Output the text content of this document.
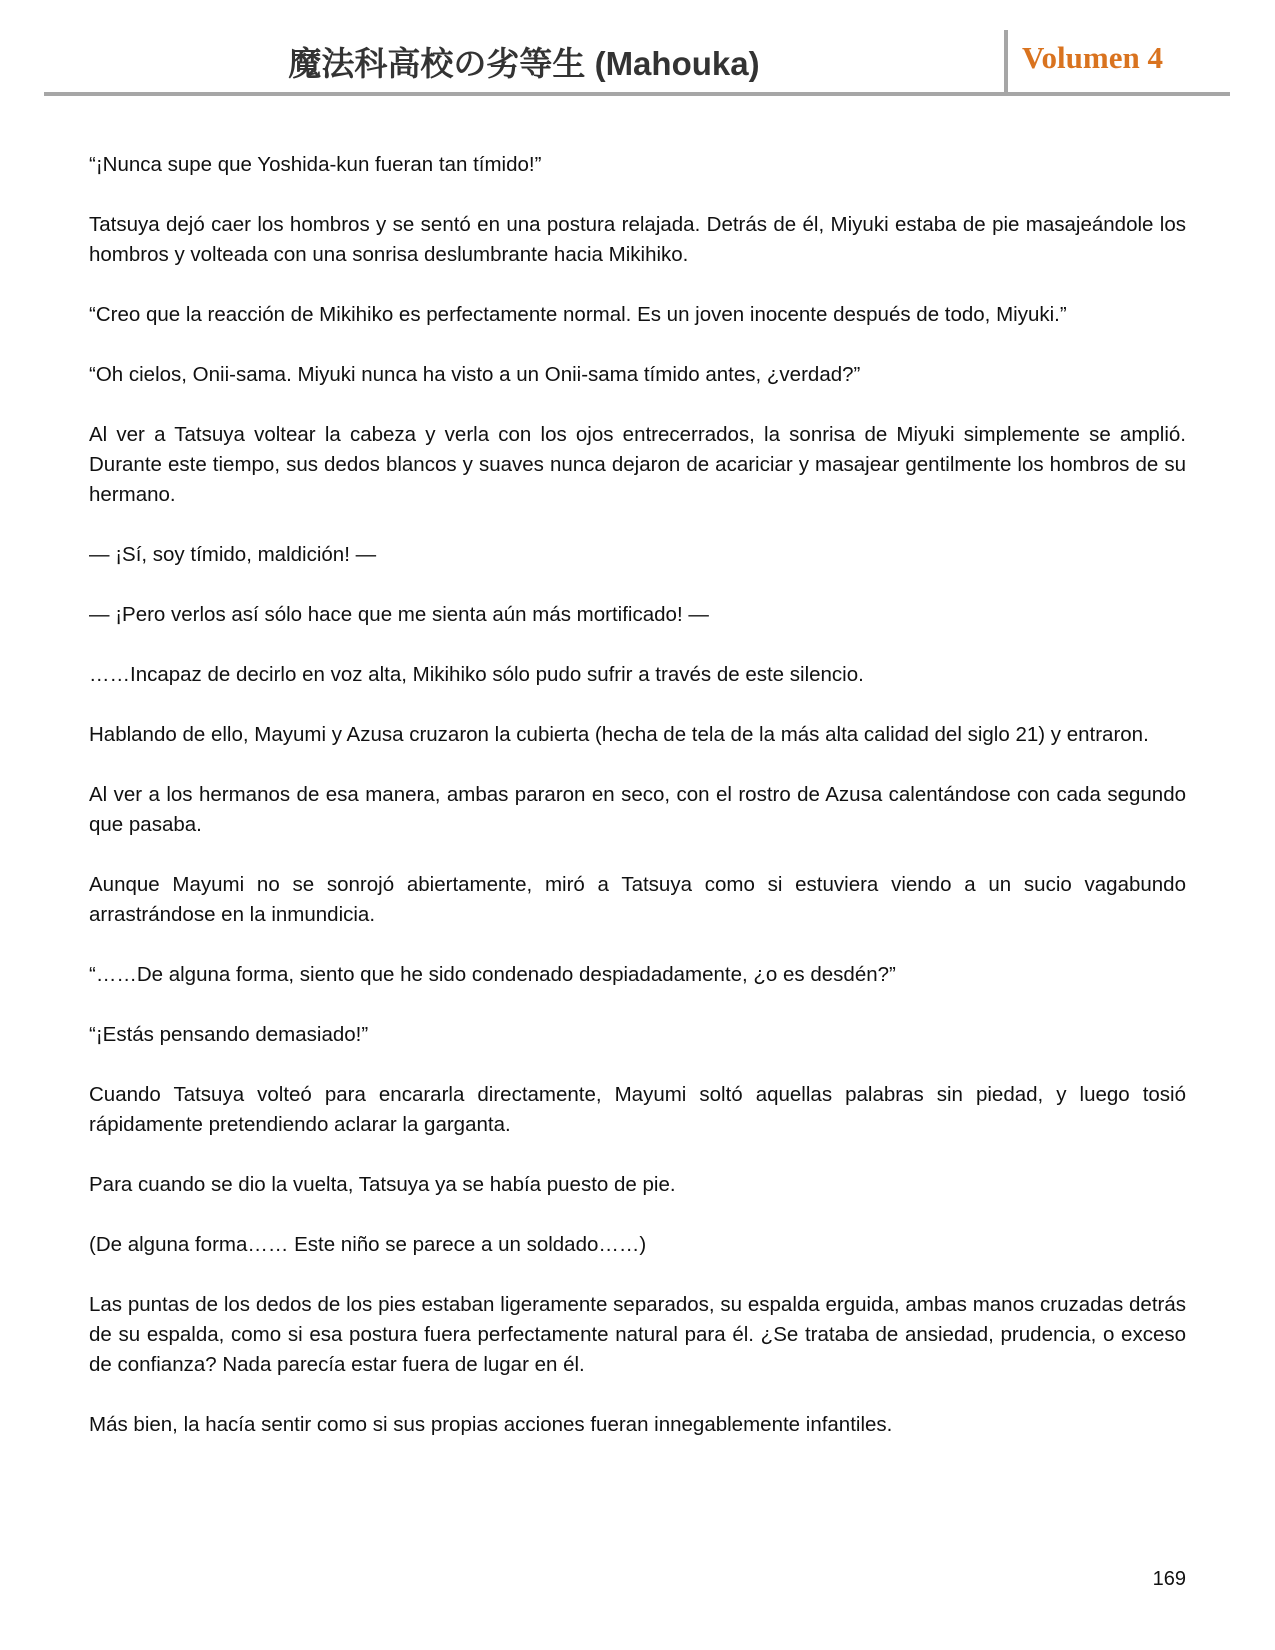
魔法科高校の劣等生 (Mahouka)	Volumen 4

“¡Nunca supe que Yoshida-kun fueran tan tímido!”

Tatsuya dejó caer los hombros y se sentó en una postura relajada. Detrás de él, Miyuki estaba de pie masajeándole los hombros y volteada con una sonrisa deslumbrante hacia Mikihiko.

“Creo que la reacción de Mikihiko es perfectamente normal. Es un joven inocente después de todo, Miyuki.”

“Oh cielos, Onii-sama. Miyuki nunca ha visto a un Onii-sama tímido antes, ¿verdad?”

Al ver a Tatsuya voltear la cabeza y verla con los ojos entrecerrados, la sonrisa de Miyuki simplemente se amplió. Durante este tiempo, sus dedos blancos y suaves nunca dejaron de acariciar y masajear gentilmente los hombros de su hermano.

— ¡Sí, soy tímido, maldición! —

— ¡Pero verlos así sólo hace que me sienta aún más mortificado! —

……Incapaz de decirlo en voz alta, Mikihiko sólo pudo sufrir a través de este silencio.

Hablando de ello, Mayumi y Azusa cruzaron la cubierta (hecha de tela de la más alta calidad del siglo 21) y entraron.

Al ver a los hermanos de esa manera, ambas pararon en seco, con el rostro de Azusa calentándose con cada segundo que pasaba.

Aunque Mayumi no se sonrojó abiertamente, miró a Tatsuya como si estuviera viendo a un sucio vagabundo arrastrándose en la inmundicia.

“……De alguna forma, siento que he sido condenado despiadadamente, ¿o es desdén?”

“¡Estás pensando demasiado!”

Cuando Tatsuya volteó para encararla directamente, Mayumi soltó aquellas palabras sin piedad, y luego tosió rápidamente pretendiendo aclarar la garganta.

Para cuando se dio la vuelta, Tatsuya ya se había puesto de pie.

(De alguna forma…… Este niño se parece a un soldado……)

Las puntas de los dedos de los pies estaban ligeramente separados, su espalda erguida, ambas manos cruzadas detrás de su espalda, como si esa postura fuera perfectamente natural para él. ¿Se trataba de ansiedad, prudencia, o exceso de confianza? Nada parecía estar fuera de lugar en él.

Más bien, la hacía sentir como si sus propias acciones fueran innegablemente infantiles.

169
